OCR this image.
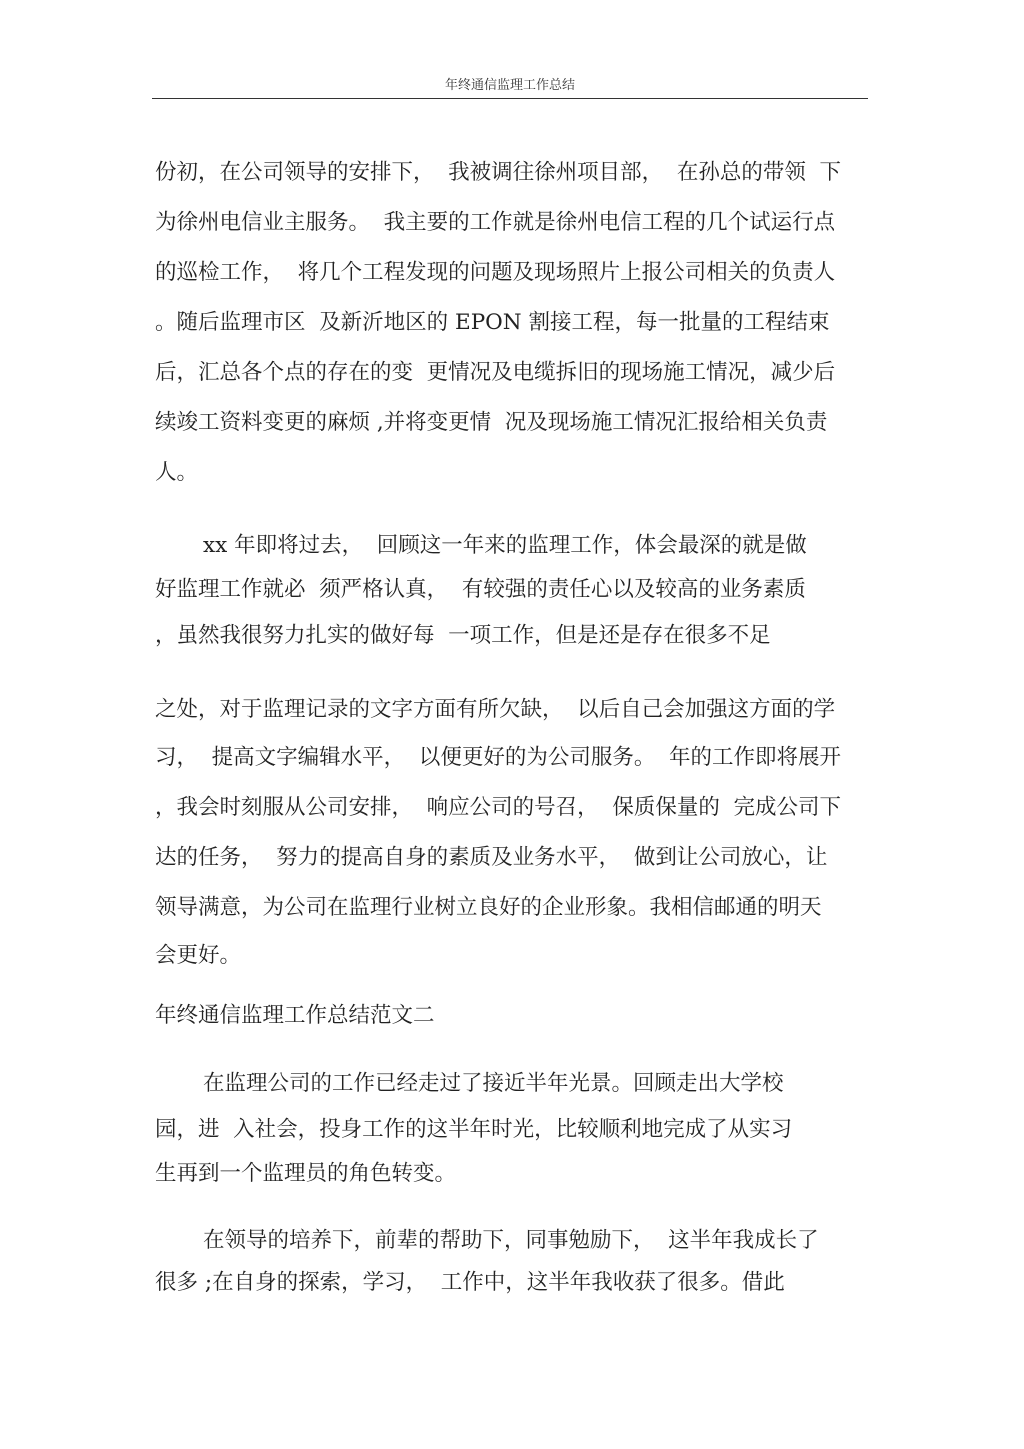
年终通信监理工作总结
份初，在公司领导的安排下，  我被调往徐州项目部，  在孙总的带领  下
为徐州电信业主服务。  我主要的工作就是徐州电信工程的几个试运行点
的巡检工作，  将几个工程发现的问题及现场照片上报公司相关的负责人
。随后监理市区  及新沂地区的 EPON 割接工程，每一批量的工程结束
后，汇总各个点的存在的变  更情况及电缆拆旧的现场施工情况，减少后
续竣工资料变更的麻烦 ,并将变更情  况及现场施工情况汇报给相关负责
人。
xx 年即将过去，  回顾这一年来的监理工作，体会最深的就是做
好监理工作就必  须严格认真，  有较强的责任心以及较高的业务素质
，虽然我很努力扎实的做好每  一项工作，但是还是存在很多不足
之处，对于监理记录的文字方面有所欠缺，  以后自己会加强这方面的学
习，  提高文字编辑水平，  以便更好的为公司服务。  年的工作即将展开
，我会时刻服从公司安排，  响应公司的号召，  保质保量的  完成公司下
达的任务，  努力的提高自身的素质及业务水平，  做到让公司放心，让
领导满意，为公司在监理行业树立良好的企业形象。我相信邮通的明天
会更好。
年终通信监理工作总结范文二
在监理公司的工作已经走过了接近半年光景。回顾走出大学校
园，进  入社会，投身工作的这半年时光，比较顺利地完成了从实习
生再到一个监理员的角色转变。
在领导的培养下，前辈的帮助下，同事勉励下，  这半年我成长了
很多 ;在自身的探索，学习，  工作中，这半年我收获了很多。借此
